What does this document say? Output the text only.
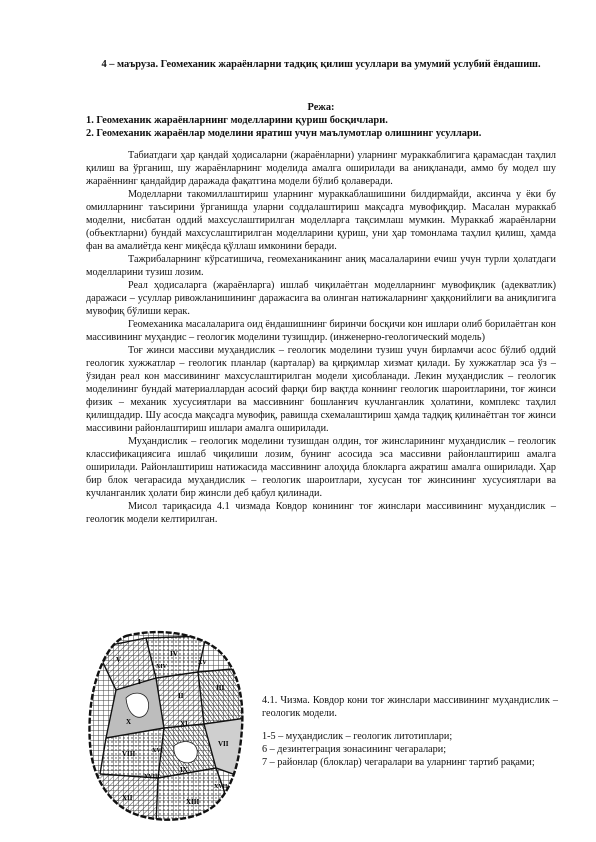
4 – маъруза. Геомеханик жараёнларни тадқиқ қилиш усуллари ва умумий услубий ёндашиш.
Режа:
1. Геомеханик жараёнларнинг моделларини қуриш босқичлари.
2. Геомеханик жараёнлар моделини яратиш учун маълумотлар олишнинг усуллари.

Табиатдаги ҳар қандай ҳодисаларни (жараёнларни) уларнинг мураккаблигига қарамасдан таҳлил қилиш ва ўрганиш, шу жараёнларнинг моделида амалга оширилади ва аниқланади, аммо бу модел шу жараённинг қандайдир даражада фақатгина модели бўлиб қолаверади.

Моделларни такомиллаштириш уларнинг мураккаблашишини билдирмайди, аксинча у ёки бу омилларнинг таъсирини ўрганишда уларни соддалаштириш мақсадга мувофиқдир. Масалан мураккаб моделни, нисбатан оддий махсуслаштирилган моделларга тақсимлаш мумкин. Мураккаб жараёнларни (объектларни) бундай махсуслаштирилган моделларини қуриш, уни ҳар томонлама таҳлил қилиш, ҳамда фан ва амалиётда кенг миқёсда қўллаш имконини беради.

Тажрибаларнинг кўрсатишича, геомеханиканинг аниқ масалаларини ечиш учун турли ҳолатдаги моделларини тузиш лозим.

Реал ҳодисаларга (жараёнларга) ишлаб чиқилаётган моделларнинг мувофиқлик (адекватлик) даражаси – усуллар ривожланишининг даражасига ва олинган натижаларнинг ҳаққонийлиги ва аниқлигига мувофиқ бўлиши керак.

Геомеханика масалаларига оид ёндашишнинг биринчи босқичи кон ишлари олиб борилаётган кон массивининг муҳандис – геологик моделини тузишдир. (инженерно-геологический модель)

Тоғ жинси массиви муҳандислик – геологик моделини тузиш учун бирламчи асос бўлиб оддий геологик хужжатлар – геологик планлар (карталар) ва қирқимлар хизмат қилади. Бу хужжатлар эса ўз – ўзидан реал кон массивининг махсуслаштирилган модели ҳисобланади. Лекин муҳандислик – геологик моделининг бундай материаллардан асосий фарқи бир вақтда коннинг геологик шароитларини, тоғ жинси физик – механик хусусиятлари ва массивнинг бошланғич кучланганлик ҳолатини, комплекс таҳлил қилишдадир. Шу асосда мақсадга мувофиқ, равишда схемалаштириш ҳамда тадқиқ қилинаётган тоғ жинси массивини районлаштириш ишлари амалга оширилади.

Муҳандислик – геологик моделини тузишдан олдин, тоғ жинсларининг муҳандислик – геологик классификациясига ишлаб чиқилиши лозим, бунинг асосида эса массивни районлаштириш амалга оширилади. Районлаштириш натижасида массивнинг алоҳида блокларга ажратиш амалга оширилади. Ҳар бир блок чегарасида муҳандислик – геологик шароитлари, хусусан тоғ жинсининг хусусиятлари ва кучланганлик ҳолати бир жинсли деб қабул қилинади.

Мисол тариқасида 4.1 чизмада Ковдор конининг тоғ жинслари массивининг муҳандислик – геологик модели келтирилган.

V
IV
III
II
I
X	XI
VII
VIII
IX
XII	XIII
XIV
XV
XVI
XVII
XVIII

4.1. Чизма. Ковдор кони тоғ жинслари массивининг муҳандислик – геологик модели.

1-5 – муҳандислик – геологик литотиплари;

6 – дезинтеграция зонасининг чегаралари;

7 – районлар (блоклар) чегаралари ва уларнинг тартиб рақами;
